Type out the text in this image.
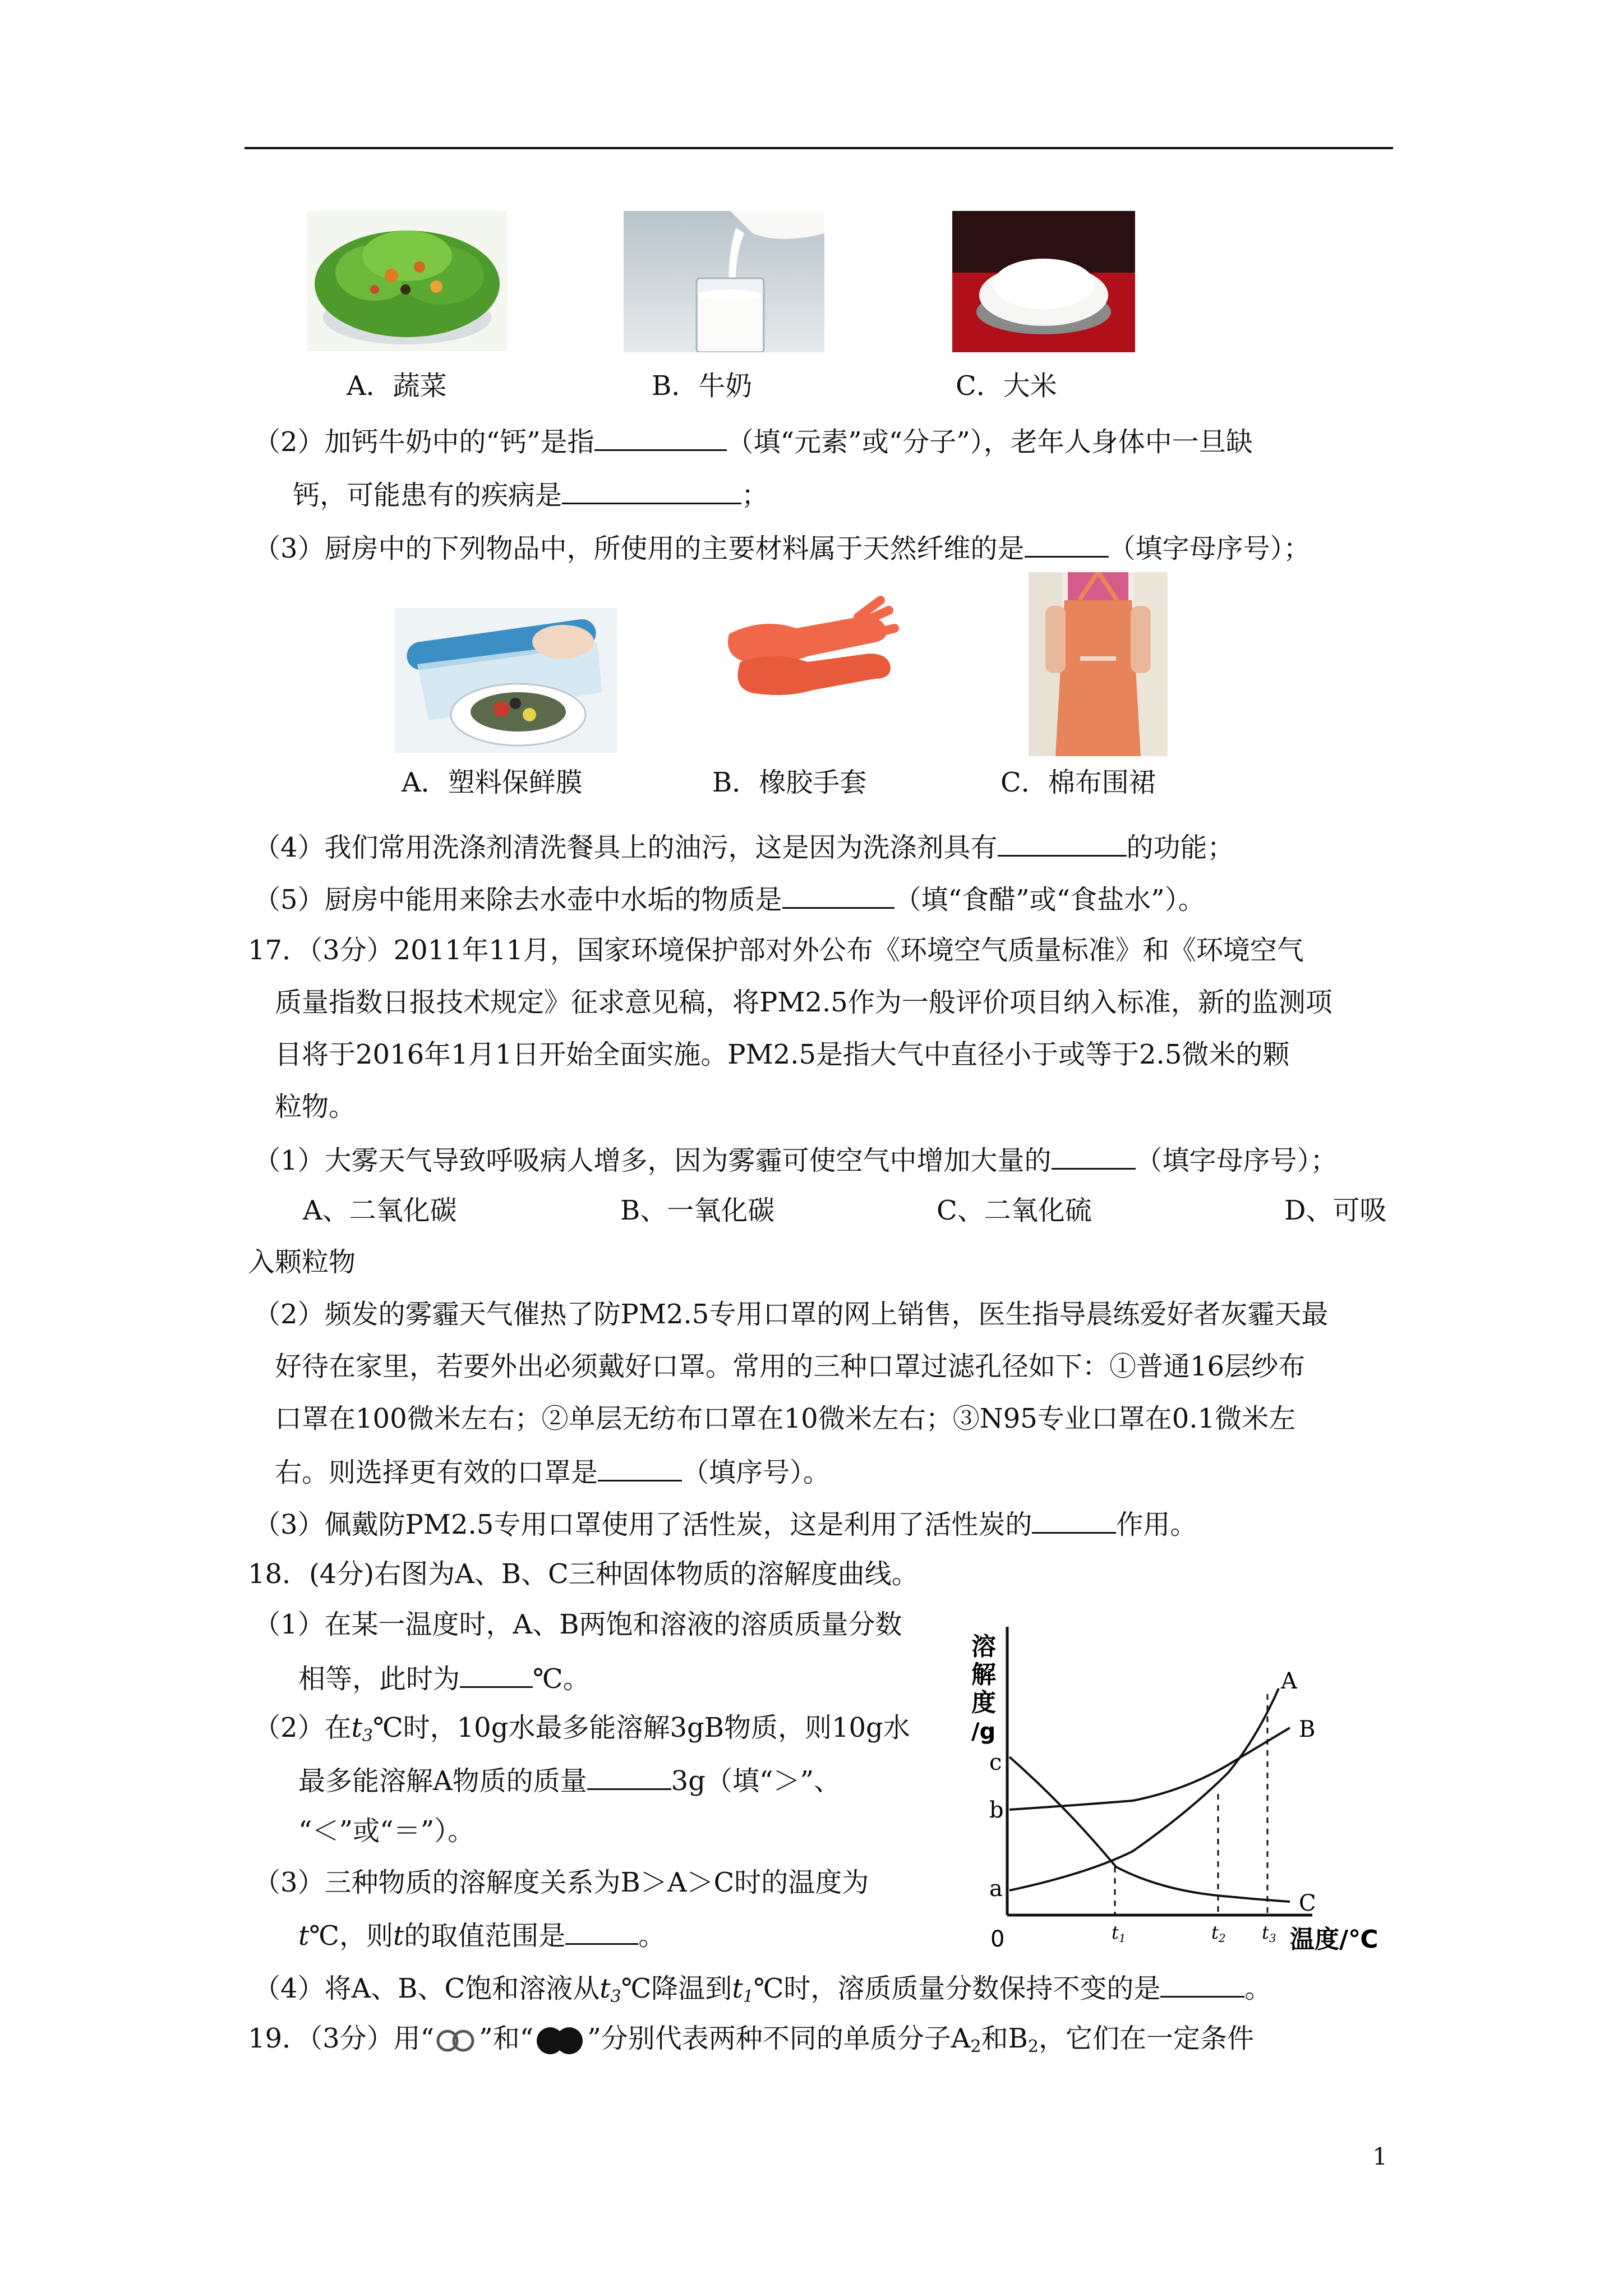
A．蔬菜	B．牛奶	C．大米
（2）加钙牛奶中的“钙”是指	（填“元素”或“分子”），老年人身体中一旦缺
钙，可能患有的疾病是	；
（3）厨房中的下列物品中，所使用的主要材料属于天然纤维的是	（填字母序号）；
A．塑料保鲜膜	B．橡胶手套	C．棉布围裙
（4）我们常用洗涤剂清洗餐具上的油污，这是因为洗涤剂具有	的功能；
（5）厨房中能用来除去水壶中水垢的物质是	（填“食醋”或“食盐水”）。
17．（3分）2011年11月，国家环境保护部对外公布《环境空气质量标准》和《环境空气
质量指数日报技术规定》征求意见稿，将PM2.5作为一般评价项目纳入标准，新的监测项
目将于2016年1月1日开始全面实施。PM2.5是指大气中直径小于或等于2.5微米的颗
粒物。
（1）大雾天气导致呼吸病人增多，因为雾霾可使空气中增加大量的	（填字母序号）；
A、二氧化碳	B、一氧化碳	C、二氧化硫	D、可吸
入颗粒物
（2）频发的雾霾天气催热了防PM2.5专用口罩的网上销售，医生指导晨练爱好者灰霾天最
好待在家里，若要外出必须戴好口罩。常用的三种口罩过滤孔径如下：①普通16层纱布
口罩在100微米左右；②单层无纺布口罩在10微米左右；③N95专业口罩在0.1微米左
右。则选择更有效的口罩是	（填序号）。
（3）佩戴防PM2.5专用口罩使用了活性炭，这是利用了活性炭的	作用。
18．(4分)右图为A、B、C三种固体物质的溶解度曲线。
（1）在某一温度时，A、B两饱和溶液的溶质质量分数
相等，此时为	℃。
（2）在$t_3℃$时，10g水最多能溶解3gB物质，则10g水
最多能溶解A物质的质量	3g（填“＞”、
“＜”或“＝”）。
（3）三种物质的溶解度关系为B＞A＞C时的温度为
t℃，则t的取值范围是	。
（4）将A、B、C饱和溶液从$t_3℃$降温到$t_1℃$时，溶质质量分数保持不变的是	。
溶
解
度
/g
c
b
a
0	t1	t2 t3 温度/℃
A
B
C
19．（3分）用“ ”和“ ”分别代表两种不同的单质分子$A_2$和$B_2$，它们在一定条件
1
